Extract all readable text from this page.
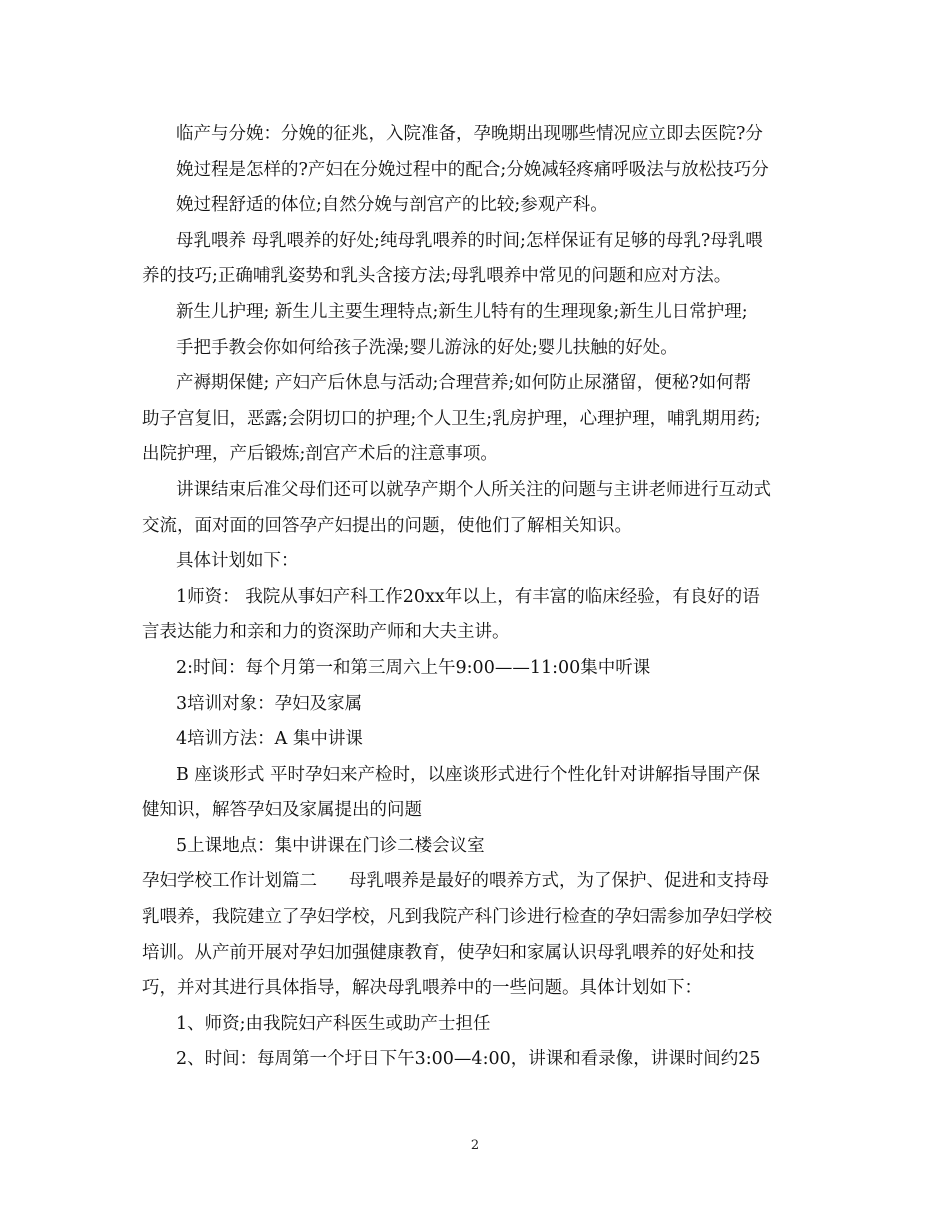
临产与分娩：分娩的征兆，入院准备，孕晚期出现哪些情况应立即去医院?分

娩过程是怎样的?产妇在分娩过程中的配合;分娩减轻疼痛呼吸法与放松技巧分

娩过程舒适的体位;自然分娩与剖宫产的比较;参观产科。

母乳喂养 母乳喂养的好处;纯母乳喂养的时间;怎样保证有足够的母乳?母乳喂

养的技巧;正确哺乳姿势和乳头含接方法;母乳喂养中常见的问题和应对方法。

新生儿护理; 新生儿主要生理特点;新生儿特有的生理现象;新生儿日常护理;

手把手教会你如何给孩子洗澡;婴儿游泳的好处;婴儿扶触的好处。

产褥期保健; 产妇产后休息与活动;合理营养;如何防止尿潴留，便秘?如何帮

助子宫复旧，恶露;会阴切口的护理;个人卫生;乳房护理，心理护理，哺乳期用药;

出院护理，产后锻炼;剖宫产术后的注意事项。

讲课结束后准父母们还可以就孕产期个人所关注的问题与主讲老师进行互动式

交流，面对面的回答孕产妇提出的问题，使他们了解相关知识。

具体计划如下：

1师资： 我院从事妇产科工作20xx年以上，有丰富的临床经验，有良好的语

言表达能力和亲和力的资深助产师和大夫主讲。

2:时间：每个月第一和第三周六上午9:00——11:00集中听课

3培训对象：孕妇及家属

4培训方法：A 集中讲课

B 座谈形式 平时孕妇来产检时，以座谈形式进行个性化针对讲解指导围产保

健知识，解答孕妇及家属提出的问题

5上课地点：集中讲课在门诊二楼会议室

孕妇学校工作计划篇二 母乳喂养是最好的喂养方式，为了保护、促进和支持母

乳喂养，我院建立了孕妇学校，凡到我院产科门诊进行检查的孕妇需参加孕妇学校

培训。从产前开展对孕妇加强健康教育，使孕妇和家属认识母乳喂养的好处和技

巧，并对其进行具体指导，解决母乳喂养中的一些问题。具体计划如下：

1、师资;由我院妇产科医生或助产士担任

2、时间：每周第一个圩日下午3:00—4:00，讲课和看录像，讲课时间约25

2
